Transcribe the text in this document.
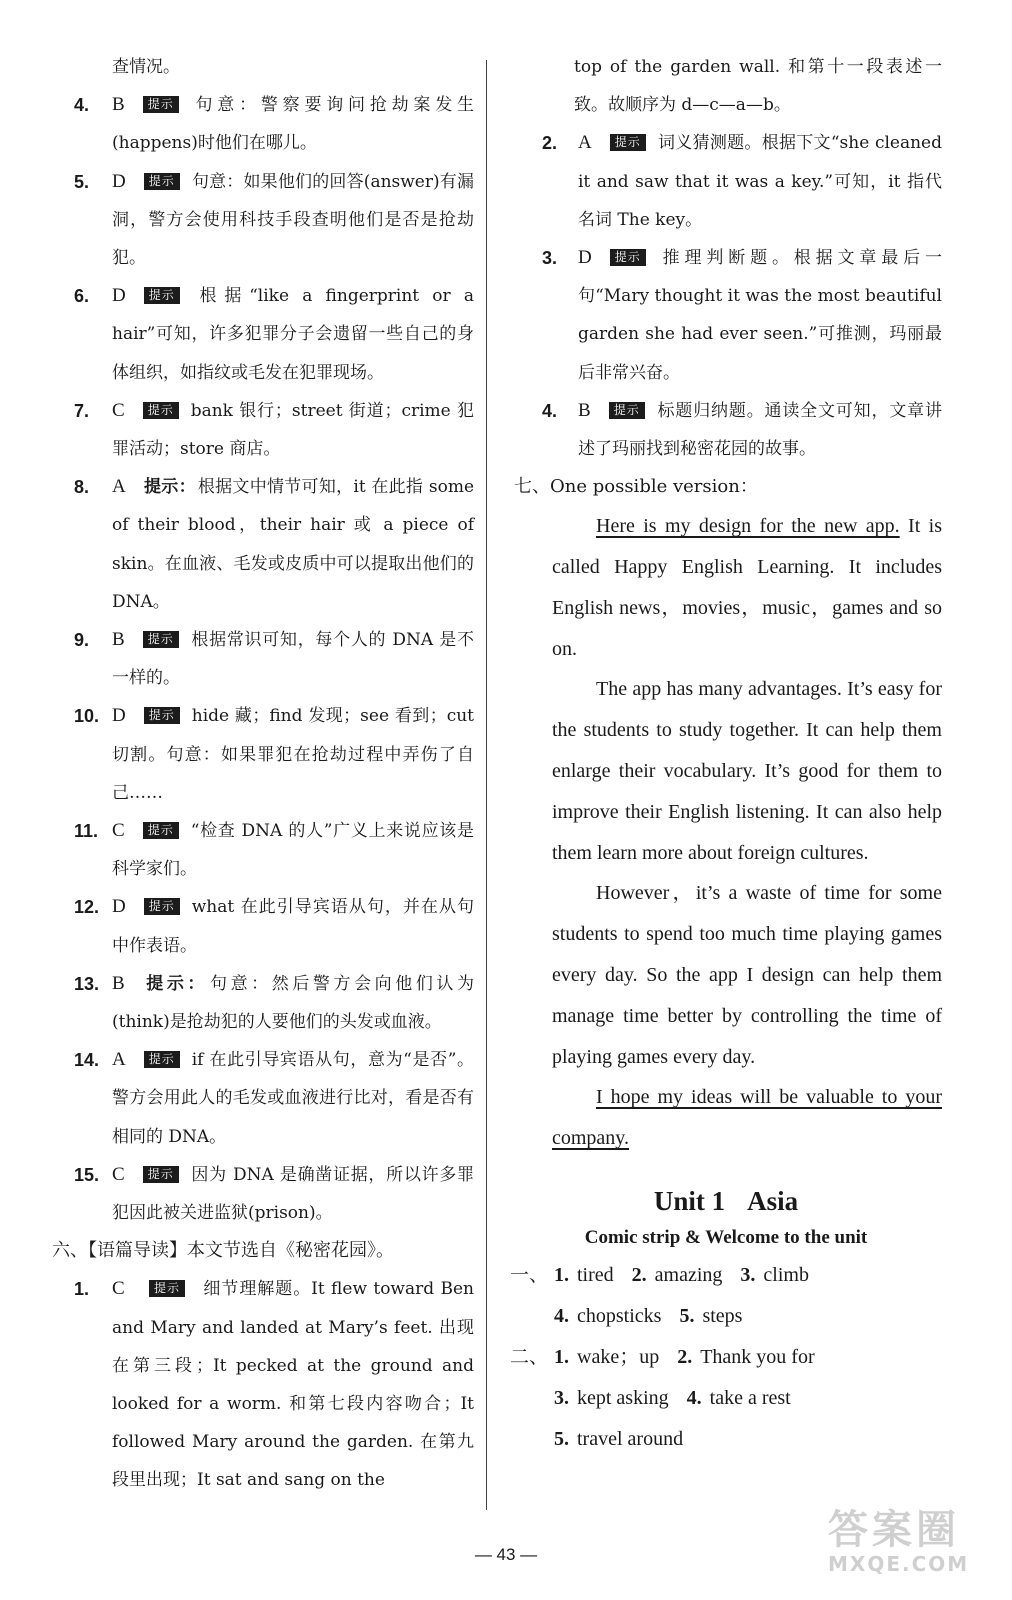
查情况。
4. B 提示 句意：警察要询问抢劫案发生(happens)时他们在哪儿。
5. D 提示 句意：如果他们的回答(answer)有漏洞，警方会使用科技手段查明他们是否是抢劫犯。
6. D 提示 根据“like a fingerprint or a hair”可知，许多犯罪分子会遗留一些自己的身体组织，如指纹或毛发在犯罪现场。
7. C 提示 bank 银行；street 街道；crime 犯罪活动；store 商店。
8. A 提示： 根据文中情节可知，it 在此指 some of their blood，their hair 或 a piece of skin。在血液、毛发或皮质中可以提取出他们的 DNA。
9. B 提示 根据常识可知，每个人的 DNA 是不一样的。
10. D 提示 hide 藏；find 发现；see 看到；cut 切割。句意：如果罪犯在抢劫过程中弄伤了自己……
11. C 提示 “检查 DNA 的人”广义上来说应该是科学家们。
12. D 提示 what 在此引导宾语从句，并在从句中作表语。
13. B 提示： 句意：然后警方会向他们认为(think)是抢劫犯的人要他们的头发或血液。
14. A 提示 if 在此引导宾语从句，意为“是否”。警方会用此人的毛发或血液进行比对，看是否有相同的 DNA。
15. C 提示 因为 DNA 是确凿证据，所以许多罪犯因此被关进监狱(prison)。
六、【语篇导读】本文节选自《秘密花园》。
1. C 提示 细节理解题。It flew toward Ben and Mary and landed at Mary’s feet. 出现在第三段；It pecked at the ground and looked for a worm. 和第七段内容吻合；It followed Mary around the garden. 在第九段里出现；It sat and sang on the
top of the garden wall. 和第十一段表述一致。故顺序为 d—c—a—b。
2. A 提示 词义猜测题。根据下文“she cleaned it and saw that it was a key.”可知，it 指代名词 The key。
3. D 提示 推理判断题。根据文章最后一句“Mary thought it was the most beautiful garden she had ever seen.”可推测，玛丽最后非常兴奋。
4. B 提示 标题归纳题。通读全文可知，文章讲述了玛丽找到秘密花园的故事。
七、One possible version：
Here is my design for the new app. It is called Happy English Learning. It includes English news，movies，music，games and so on.
The app has many advantages. It’s easy for the students to study together. It can help them enlarge their vocabulary. It’s good for them to improve their English listening. It can also help them learn more about foreign cultures.
However，it’s a waste of time for some students to spend too much time playing games every day. So the app I design can help them manage time better by controlling the time of playing games every day.
I hope my ideas will be valuable to your company.
Unit 1 Asia
Comic strip & Welcome to the unit
一、 1. tired 2. amazing 3. climb
4. chopsticks 5. steps
二、 1. wake；up 2. Thank you for
3. kept asking 4. take a rest
5. travel around
— 43 —
答案圈
MXQE.COM
